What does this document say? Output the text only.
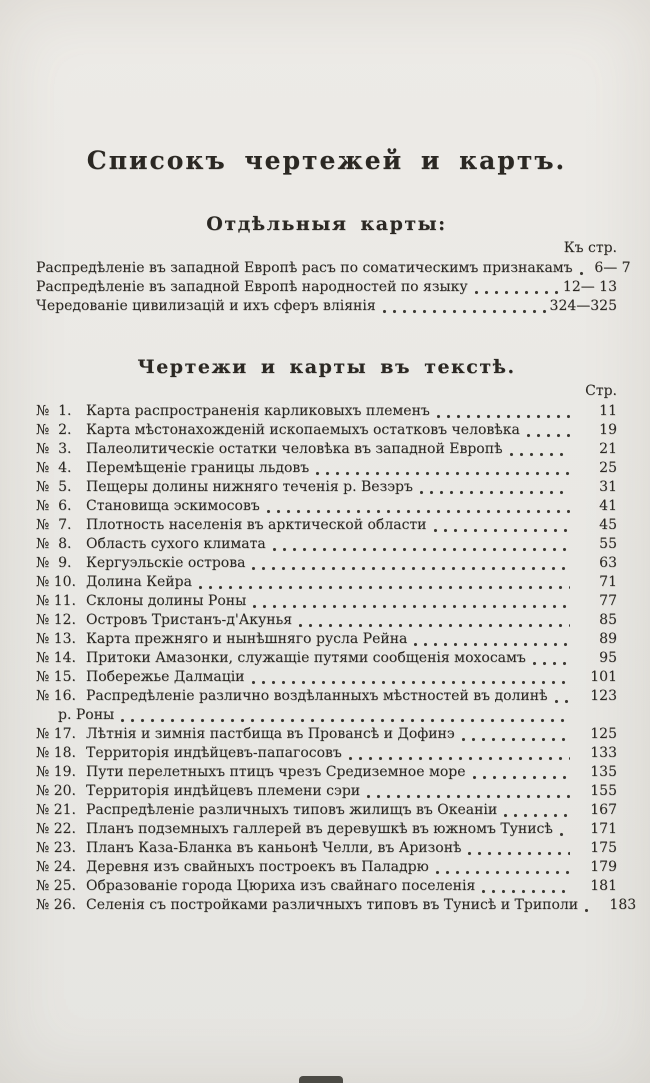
Списокъ чертежей и картъ.
Отдѣльныя карты:
Къ стр.
Распредѣленіе въ западной Европѣ расъ по соматическимъ признакамъ	6— 7
Распредѣленіе въ западной Европѣ народностей по языку	12— 13
Чередованіе цивилизацій и ихъ сферъ вліянія	324—325
Чертежи и карты въ текстѣ.
Стр.
№  1.	Карта распространенія карликовыхъ племенъ	11
№  2.	Карта мѣстонахожденій ископаемыхъ остатковъ человѣка	19
№  3.	Палеолитическіе остатки человѣка въ западной Европѣ	21
№  4.	Перемѣщеніе границы льдовъ	25
№  5.	Пещеры долины нижняго теченія р. Везэръ	31
№  6.	Становища эскимосовъ	41
№  7.	Плотность населенія въ арктической области	45
№  8.	Область сухого климата	55
№  9.	Кергуэльскіе острова	63
№ 10. Долина Кейра	71
№ 11. Склоны долины Роны	77
№ 12. Островъ Тристанъ-д'Акунья	85
№ 13. Карта прежняго и нынѣшняго русла Рейна	89
№ 14. Притоки Амазонки, служащіе путями сообщенія мохосамъ	95
№ 15. Побережье Далмаціи	101
№ 16. Распредѣленіе различно воздѣланныхъ мѣстностей въ долинѣ	123
р. Роны
№ 17. Лѣтнія и зимнія пастбища въ Провансѣ и Дофинэ	125
№ 18. Территорія индѣйцевъ-папагосовъ	133
№ 19. Пути перелетныхъ птицъ чрезъ Средиземное море	135
№ 20. Территорія индѣйцевъ племени сэри	155
№ 21. Распредѣленіе различныхъ типовъ жилищъ въ Океаніи	167
№ 22. Планъ подземныхъ галлерей въ деревушкѣ въ южномъ Тунисѣ	171
№ 23. Планъ Каза-Бланка въ каньонѣ Челли, въ Аризонѣ	175
№ 24. Деревня изъ свайныхъ построекъ въ Паладрю	179
№ 25. Образованіе города Цюриха изъ свайнаго поселенія	181
№ 26. Селенія съ постройками различныхъ типовъ въ Тунисѣ и Триполи	183
